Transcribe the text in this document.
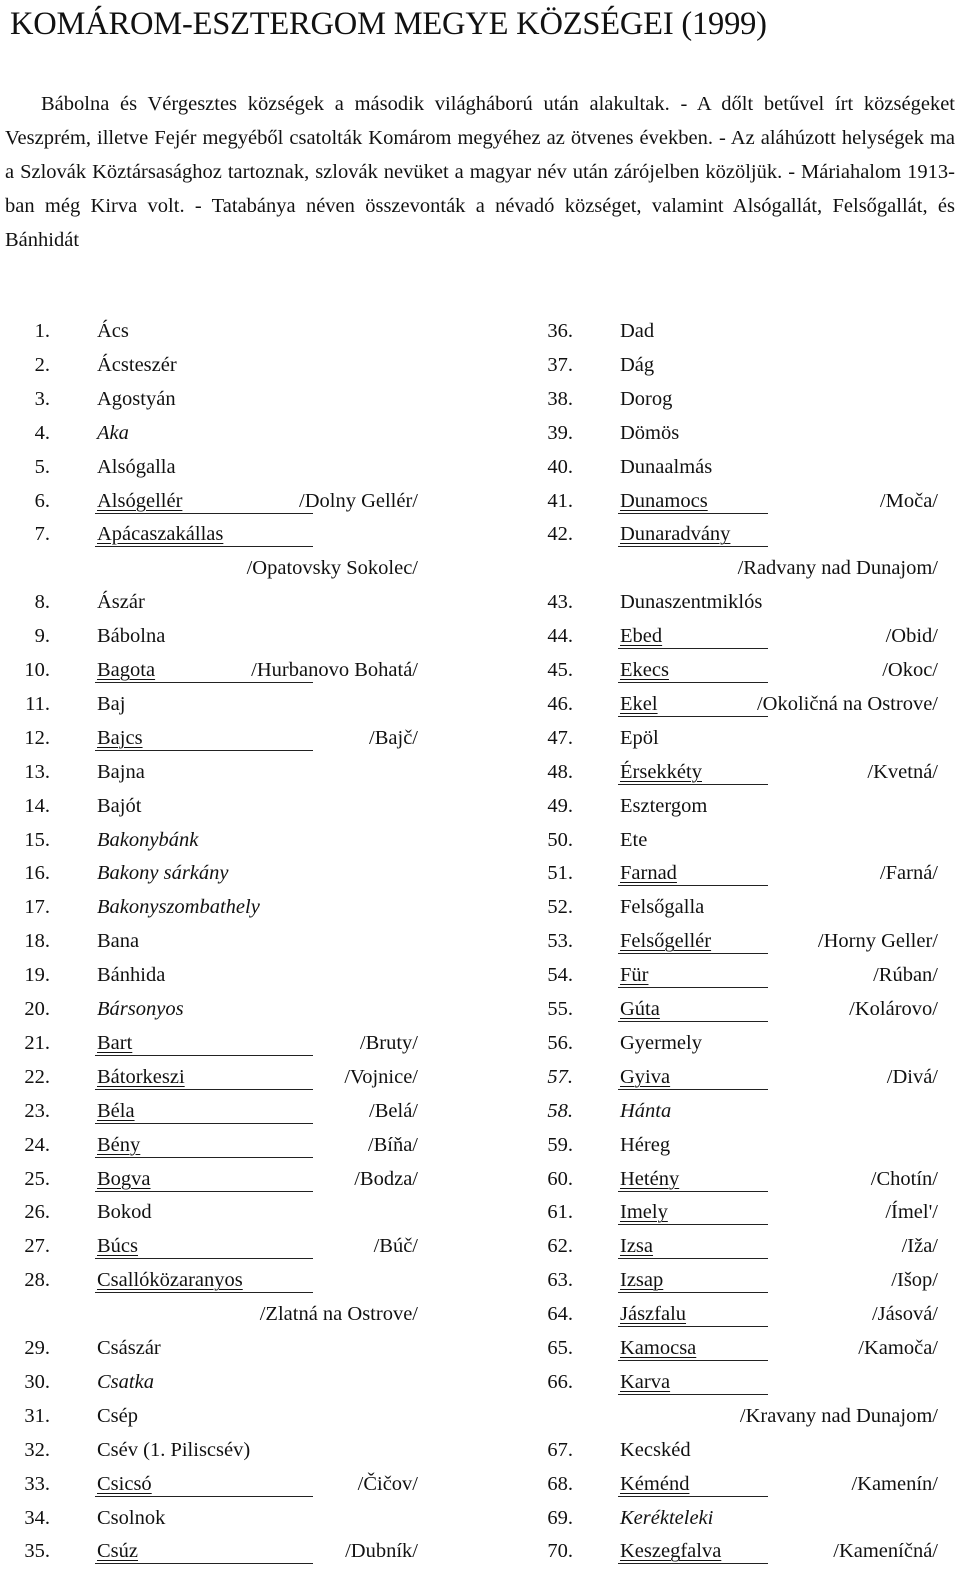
KOMÁROM-ESZTERGOM MEGYE KÖZSÉGEI (1999)
Bábolna és Vérgesztes községek a második világháború után alakultak. - A dőlt betűvel írt községeket Veszprém, illetve Fejér megyéből csatolták Komárom megyéhez az ötvenes években. - Az aláhúzott helységek ma a Szlovák Köztársasághoz tartoznak, szlovák nevüket a magyar név után zárójelben közöljük. - Máriahalom 1913-ban még Kirva volt. - Tatabánya néven összevonták a névadó községet, valamint Alsógallát, Felsőgallát, és Bánhidát
1. Ács
2. Ácsteszér
3. Agostyán
4. Aka
5. Alsógalla
6. Alsógellér	/Dolny Gellér/
7. Apácaszakállas
/Opatovsky Sokolec/
8. Ászár
9. Bábolna
10. Bagota	/Hurbanovo Bohatá/
11. Baj
12. Bajcs	/Bajč/
13. Bajna
14. Bajót
15. Bakonybánk
16. Bakony sárkány
17. Bakonyszombathely
18. Bana
19. Bánhida
20. Bársonyos
21. Bart	/Bruty/
22. Bátorkeszi	/Vojnice/
23. Béla	/Belá/
24. Bény	/Bíňa/
25. Bogva	/Bodza/
26. Bokod
27. Búcs	/Búč/
28. Csallóközaranyos
/Zlatná na Ostrove/
29. Császár
30. Csatka
31. Csép
32. Csév (1. Piliscsév)
33. Csicsó	/Čičov/
34. Csolnok
35. Csúz	/Dubník/
36. Dad
37. Dág
38. Dorog
39. Dömös
40. Dunaalmás
41. Dunamocs	/Moča/
42. Dunaradvány
/Radvany nad Dunajom/
43. Dunaszentmiklós
44. Ebed	/Obid/
45. Ekecs	/Okoc/
46. Ekel	/Okoličná na Ostrove/
47. Epöl
48. Érsekkéty	/Kvetná/
49. Esztergom
50. Ete
51. Farnad	/Farná/
52. Felsőgalla
53. Felsőgellér	/Horny Geller/
54. Für	/Rúban/
55. Gúta	/Kolárovo/
56. Gyermely
57. Gyiva	/Divá/
58. Hánta
59. Héreg
60. Hetény	/Chotín/
61. Imely	/Ímel'/
62. Izsa	/Iža/
63. Izsap	/Išop/
64. Jászfalu	/Jásová/
65. Kamocsa	/Kamoča/
66. Karva
/Kravany nad Dunajom/
67. Kecskéd
68. Kéménd	/Kamenín/
69. Kerékteleki
70. Keszegfalva	/Kameníčná/
